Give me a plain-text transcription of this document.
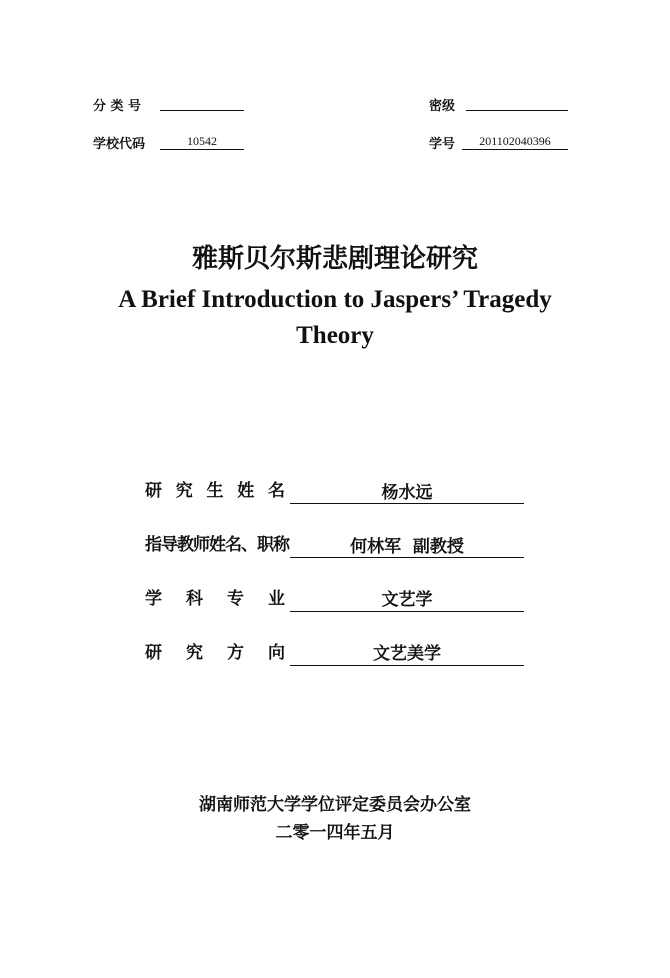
分 类 号	密级
学校代码	10542	学号	201102040396
雅斯贝尔斯悲剧理论研究
A Brief Introduction to Jaspers’ Tragedy
Theory
研 究 生 姓 名	杨水远
指导教师姓名、职称	何林军  副教授
学 科 专 业	文艺学
研 究 方 向	文艺美学
湖南师范大学学位评定委员会办公室
二零一四年五月
